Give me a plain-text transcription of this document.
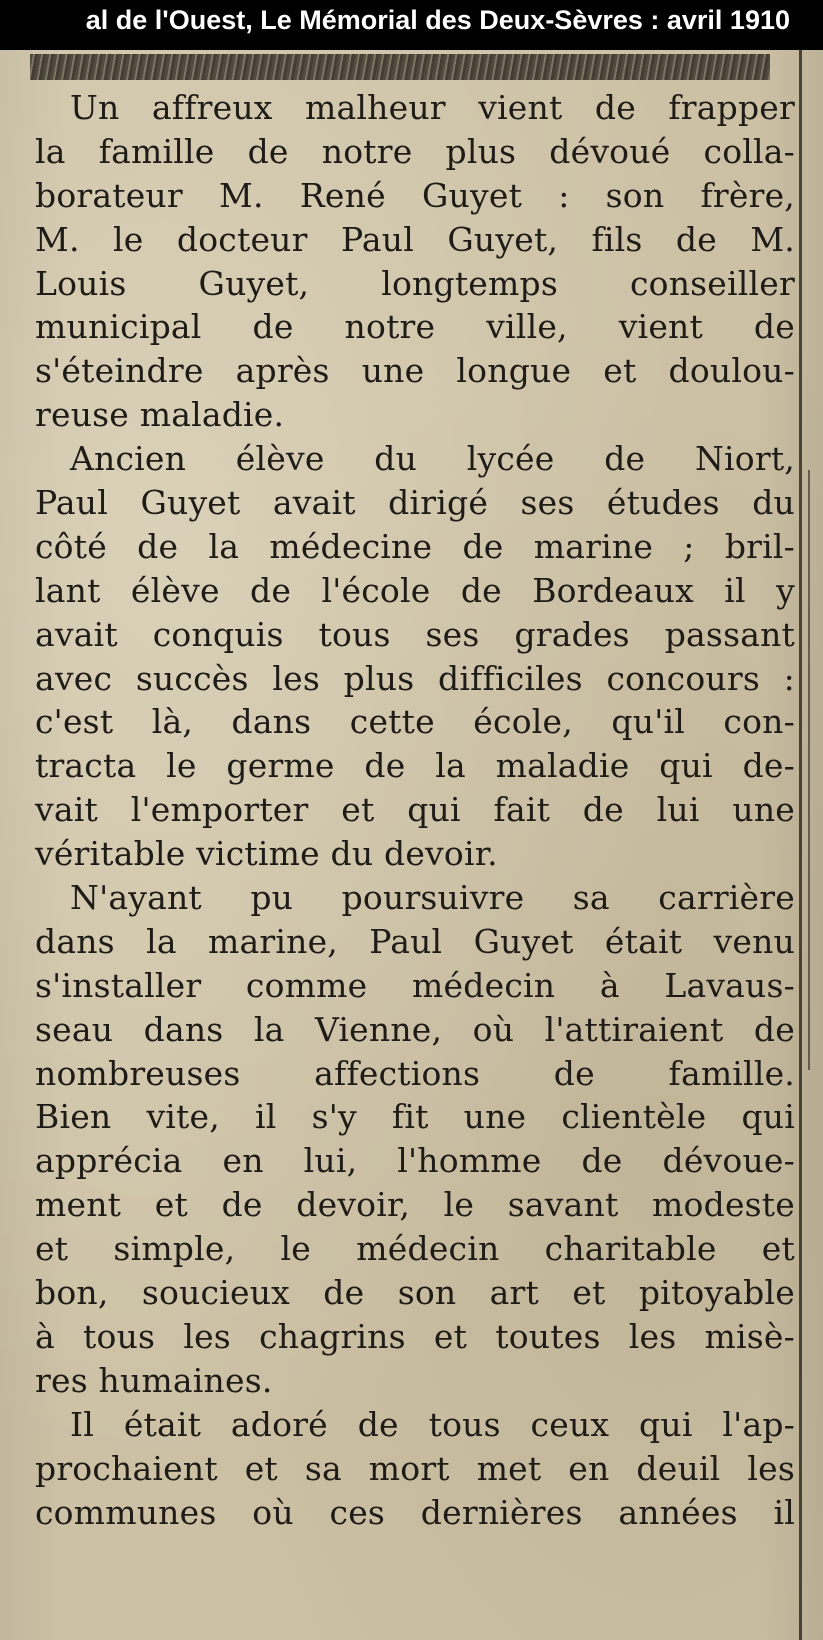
al de l'Ouest, Le Mémorial des Deux-Sèvres : avril 1910
Un affreux malheur vient de frapper
la famille de notre plus dévoué colla-
borateur M. René Guyet : son frère,
M. le docteur Paul Guyet, fils de M.
Louis Guyet, longtemps conseiller
municipal de notre ville, vient de
s'éteindre après une longue et doulou-
reuse maladie.
Ancien élève du lycée de Niort,
Paul Guyet avait dirigé ses études du
côté de la médecine de marine ; bril-
lant élève de l'école de Bordeaux il y
avait conquis tous ses grades passant
avec succès les plus difficiles concours :
c'est là, dans cette école, qu'il con-
tracta le germe de la maladie qui de-
vait l'emporter et qui fait de lui une
véritable victime du devoir.
N'ayant pu poursuivre sa carrière
dans la marine, Paul Guyet était venu
s'installer comme médecin à Lavaus-
seau dans la Vienne, où l'attiraient de
nombreuses affections de famille.
Bien vite, il s'y fit une clientèle qui
apprécia en lui, l'homme de dévoue-
ment et de devoir, le savant modeste
et simple, le médecin charitable et
bon, soucieux de son art et pitoyable
à tous les chagrins et toutes les misè-
res humaines.
Il était adoré de tous ceux qui l'ap-
prochaient et sa mort met en deuil les
communes où ces dernières années il
